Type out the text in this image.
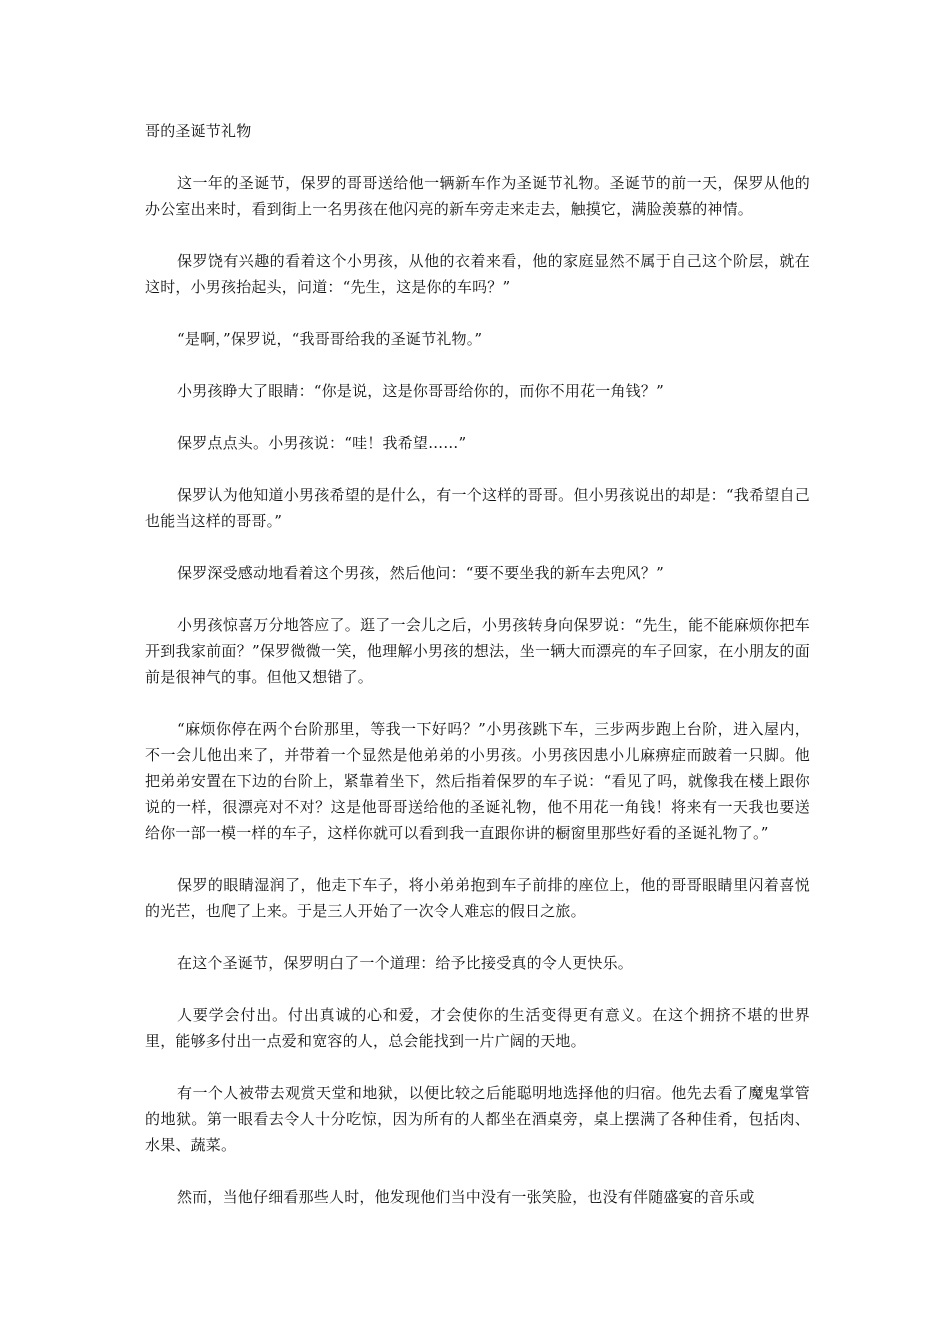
哥的圣诞节礼物

这一年的圣诞节，保罗的哥哥送给他一辆新车作为圣诞节礼物。圣诞节的前一天，保罗从他的办公室出来时，看到街上一名男孩在他闪亮的新车旁走来走去，触摸它，满脸羡慕的神情。

保罗饶有兴趣的看着这个小男孩，从他的衣着来看，他的家庭显然不属于自己这个阶层，就在这时，小男孩抬起头，问道：“先生，这是你的车吗？”

“是啊，”保罗说，“我哥哥给我的圣诞节礼物。”

小男孩睁大了眼睛：“你是说，这是你哥哥给你的，而你不用花一角钱？”

保罗点点头。小男孩说：“哇！我希望……”

保罗认为他知道小男孩希望的是什么，有一个这样的哥哥。但小男孩说出的却是：“我希望自己也能当这样的哥哥。”

保罗深受感动地看着这个男孩，然后他问：“要不要坐我的新车去兜风？”

小男孩惊喜万分地答应了。逛了一会儿之后，小男孩转身向保罗说：“先生，能不能麻烦你把车开到我家前面？”保罗微微一笑，他理解小男孩的想法，坐一辆大而漂亮的车子回家，在小朋友的面前是很神气的事。但他又想错了。

“麻烦你停在两个台阶那里，等我一下好吗？”小男孩跳下车，三步两步跑上台阶，进入屋内，不一会儿他出来了，并带着一个显然是他弟弟的小男孩。小男孩因患小儿麻痹症而跛着一只脚。他把弟弟安置在下边的台阶上，紧靠着坐下，然后指着保罗的车子说：“看见了吗，就像我在楼上跟你说的一样，很漂亮对不对？这是他哥哥送给他的圣诞礼物，他不用花一角钱！将来有一天我也要送给你一部一模一样的车子，这样你就可以看到我一直跟你讲的橱窗里那些好看的圣诞礼物了。”

保罗的眼睛湿润了，他走下车子，将小弟弟抱到车子前排的座位上，他的哥哥眼睛里闪着喜悦的光芒，也爬了上来。于是三人开始了一次令人难忘的假日之旅。

在这个圣诞节，保罗明白了一个道理：给予比接受真的令人更快乐。

人要学会付出。付出真诚的心和爱，才会使你的生活变得更有意义。在这个拥挤不堪的世界里，能够多付出一点爱和宽容的人，总会能找到一片广阔的天地。

有一个人被带去观赏天堂和地狱，以便比较之后能聪明地选择他的归宿。他先去看了魔鬼掌管的地狱。第一眼看去令人十分吃惊，因为所有的人都坐在酒桌旁，桌上摆满了各种佳肴，包括肉、水果、蔬菜。

然而，当他仔细看那些人时，他发现他们当中没有一张笑脸，也没有伴随盛宴的音乐或
